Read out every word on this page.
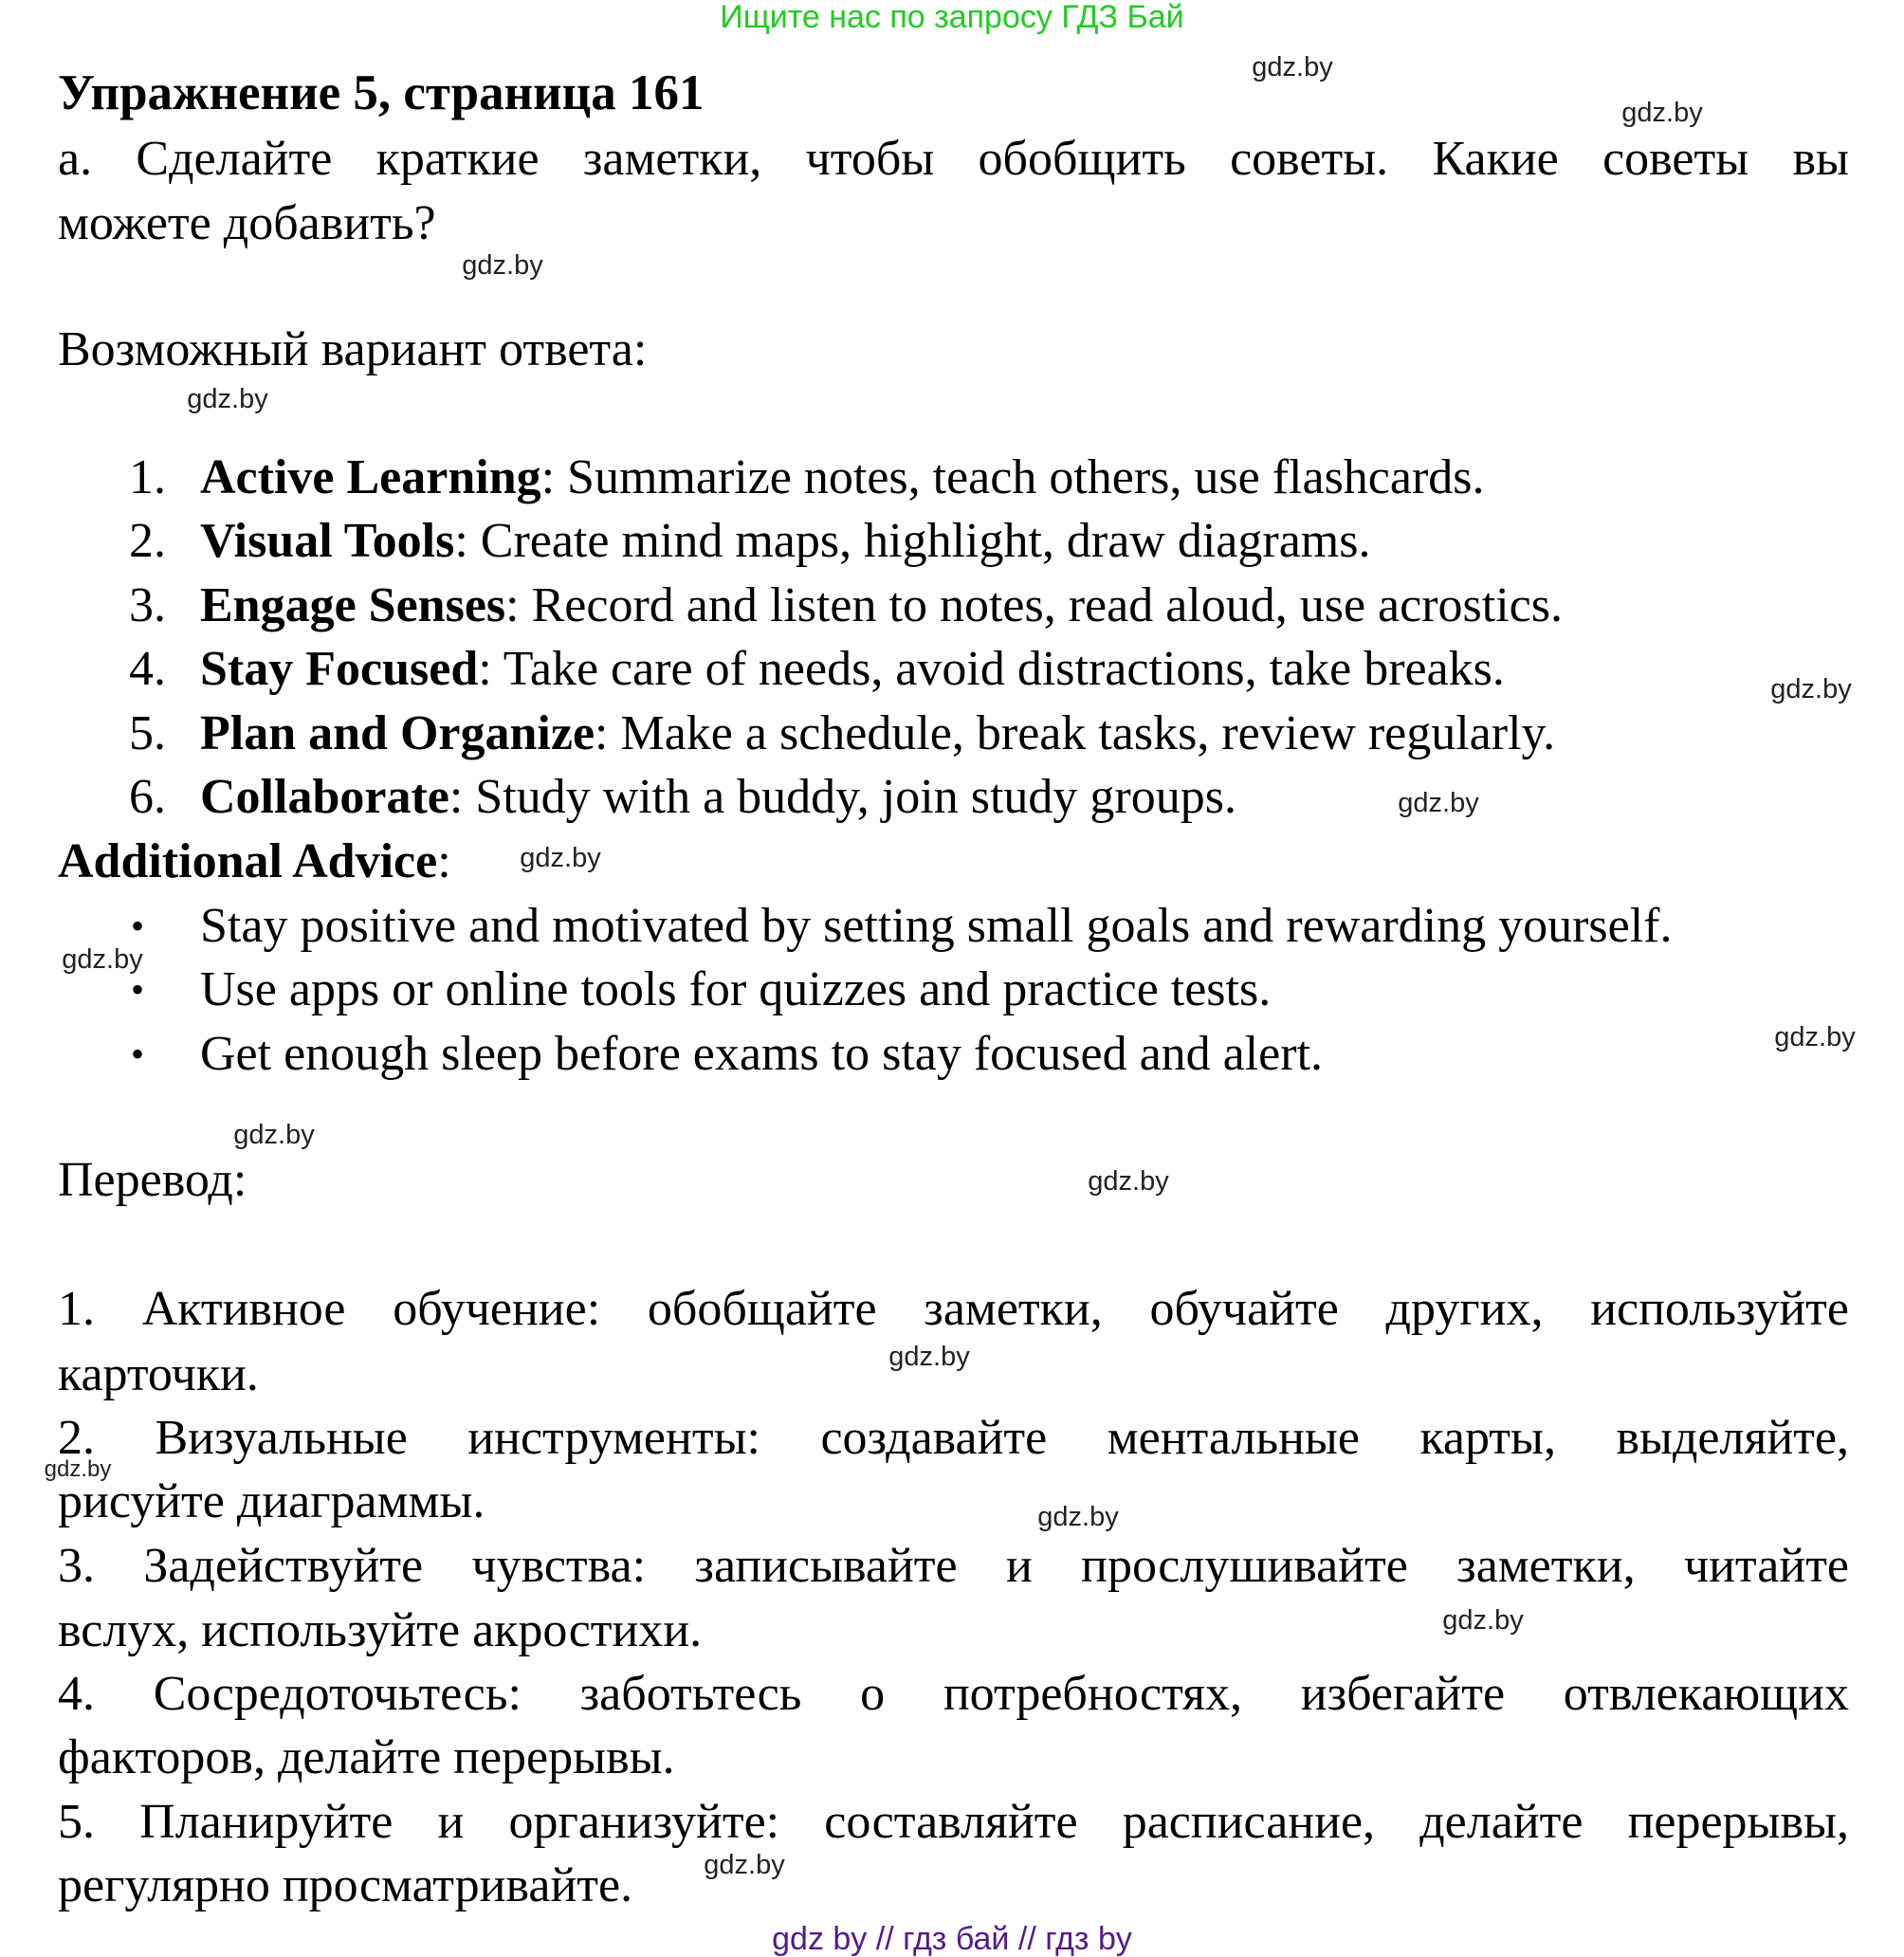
Ищите нас по запросу ГДЗ Бай
Упражнение 5, страница 161
а. Сделайте краткие заметки, чтобы обобщить советы. Какие советы вы
можете добавить?
Возможный вариант ответа:
1. Active Learning: Summarize notes, teach others, use flashcards.
2. Visual Tools: Create mind maps, highlight, draw diagrams.
3. Engage Senses: Record and listen to notes, read aloud, use acrostics.
4. Stay Focused: Take care of needs, avoid distractions, take breaks.
5. Plan and Organize: Make a schedule, break tasks, review regularly.
6. Collaborate: Study with a buddy, join study groups.
Additional Advice:
• Stay positive and motivated by setting small goals and rewarding yourself.
• Use apps or online tools for quizzes and practice tests.
• Get enough sleep before exams to stay focused and alert.
Перевод:
1. Активное обучение: обобщайте заметки, обучайте других, используйте
карточки.
2. Визуальные инструменты: создавайте ментальные карты, выделяйте,
рисуйте диаграммы.
3. Задействуйте чувства: записывайте и прослушивайте заметки, читайте
вслух, используйте акростихи.
4. Сосредоточьтесь: заботьтесь о потребностях, избегайте отвлекающих
факторов, делайте перерывы.
5. Планируйте и организуйте: составляйте расписание, делайте перерывы,
регулярно просматривайте.
gdz.by
gdz.by
gdz.by
gdz.by
gdz.by
gdz.by
gdz.by
gdz.by
gdz.by
gdz.by
gdz.by
gdz.by
gdz.by
gdz.by
gdz.by
gdz.by
gdz by // гдз бай // гдз by
